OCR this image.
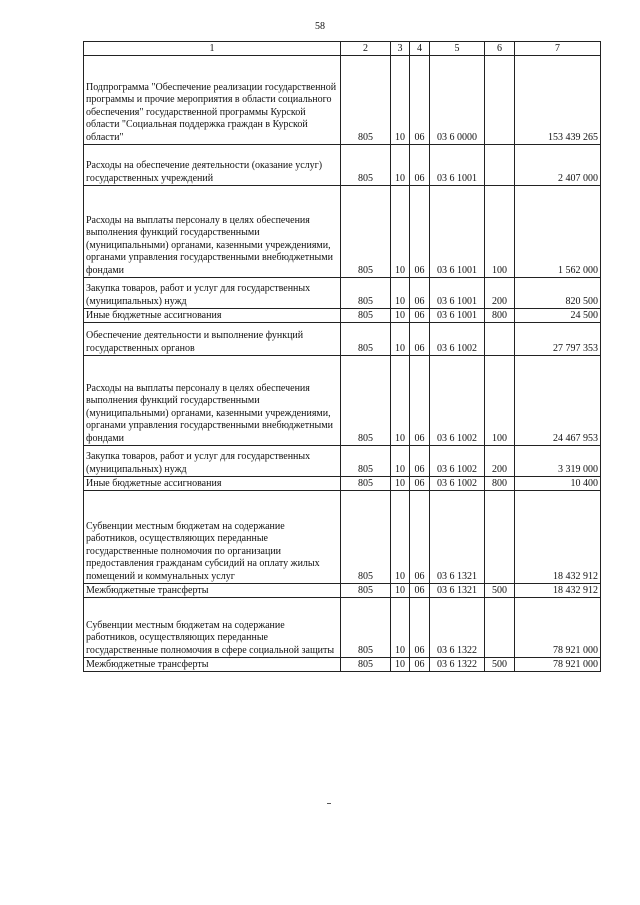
58
1	2	3	4	5	6	7
Подпрограмма "Обеспечение реализации государственной программы и прочие мероприятия в области социального обеспечения" государственной программы Курской области "Социальная поддержка граждан в Курской области"	805	10	06	03 6 0000		153 439 265
Расходы на обеспечение деятельности (оказание услуг) государственных учреждений	805	10	06	03 6 1001		2 407 000
Расходы на выплаты персоналу в целях обеспечения выполнения функций государственными (муниципальными) органами, казенными учреждениями, органами управления государственными внебюджетными фондами	805	10	06	03 6 1001	100	1 562 000
Закупка товаров, работ и услуг для государственных (муниципальных) нужд	805	10	06	03 6 1001	200	820 500
Иные бюджетные ассигнования	805	10	06	03 6 1001	800	24 500
Обеспечение деятельности и выполнение функций государственных органов	805	10	06	03 6 1002		27 797 353
Расходы на выплаты персоналу в целях обеспечения выполнения функций государственными (муниципальными) органами, казенными учреждениями, органами управления государственными внебюджетными фондами	805	10	06	03 6 1002	100	24 467 953
Закупка товаров, работ и услуг для государственных (муниципальных) нужд	805	10	06	03 6 1002	200	3 319 000
Иные бюджетные ассигнования	805	10	06	03 6 1002	800	10 400
Субвенции местным бюджетам на содержание работников, осуществляющих переданные государственные полномочия по организации предоставления гражданам субсидий на оплату жилых помещений и коммунальных услуг	805	10	06	03 6 1321		18 432 912
Межбюджетные трансферты	805	10	06	03 6 1321	500	18 432 912
Субвенции местным бюджетам на содержание работников, осуществляющих переданные государственные полномочия в сфере социальной защиты	805	10	06	03 6 1322		78 921 000
Межбюджетные трансферты	805	10	06	03 6 1322	500	78 921 000
